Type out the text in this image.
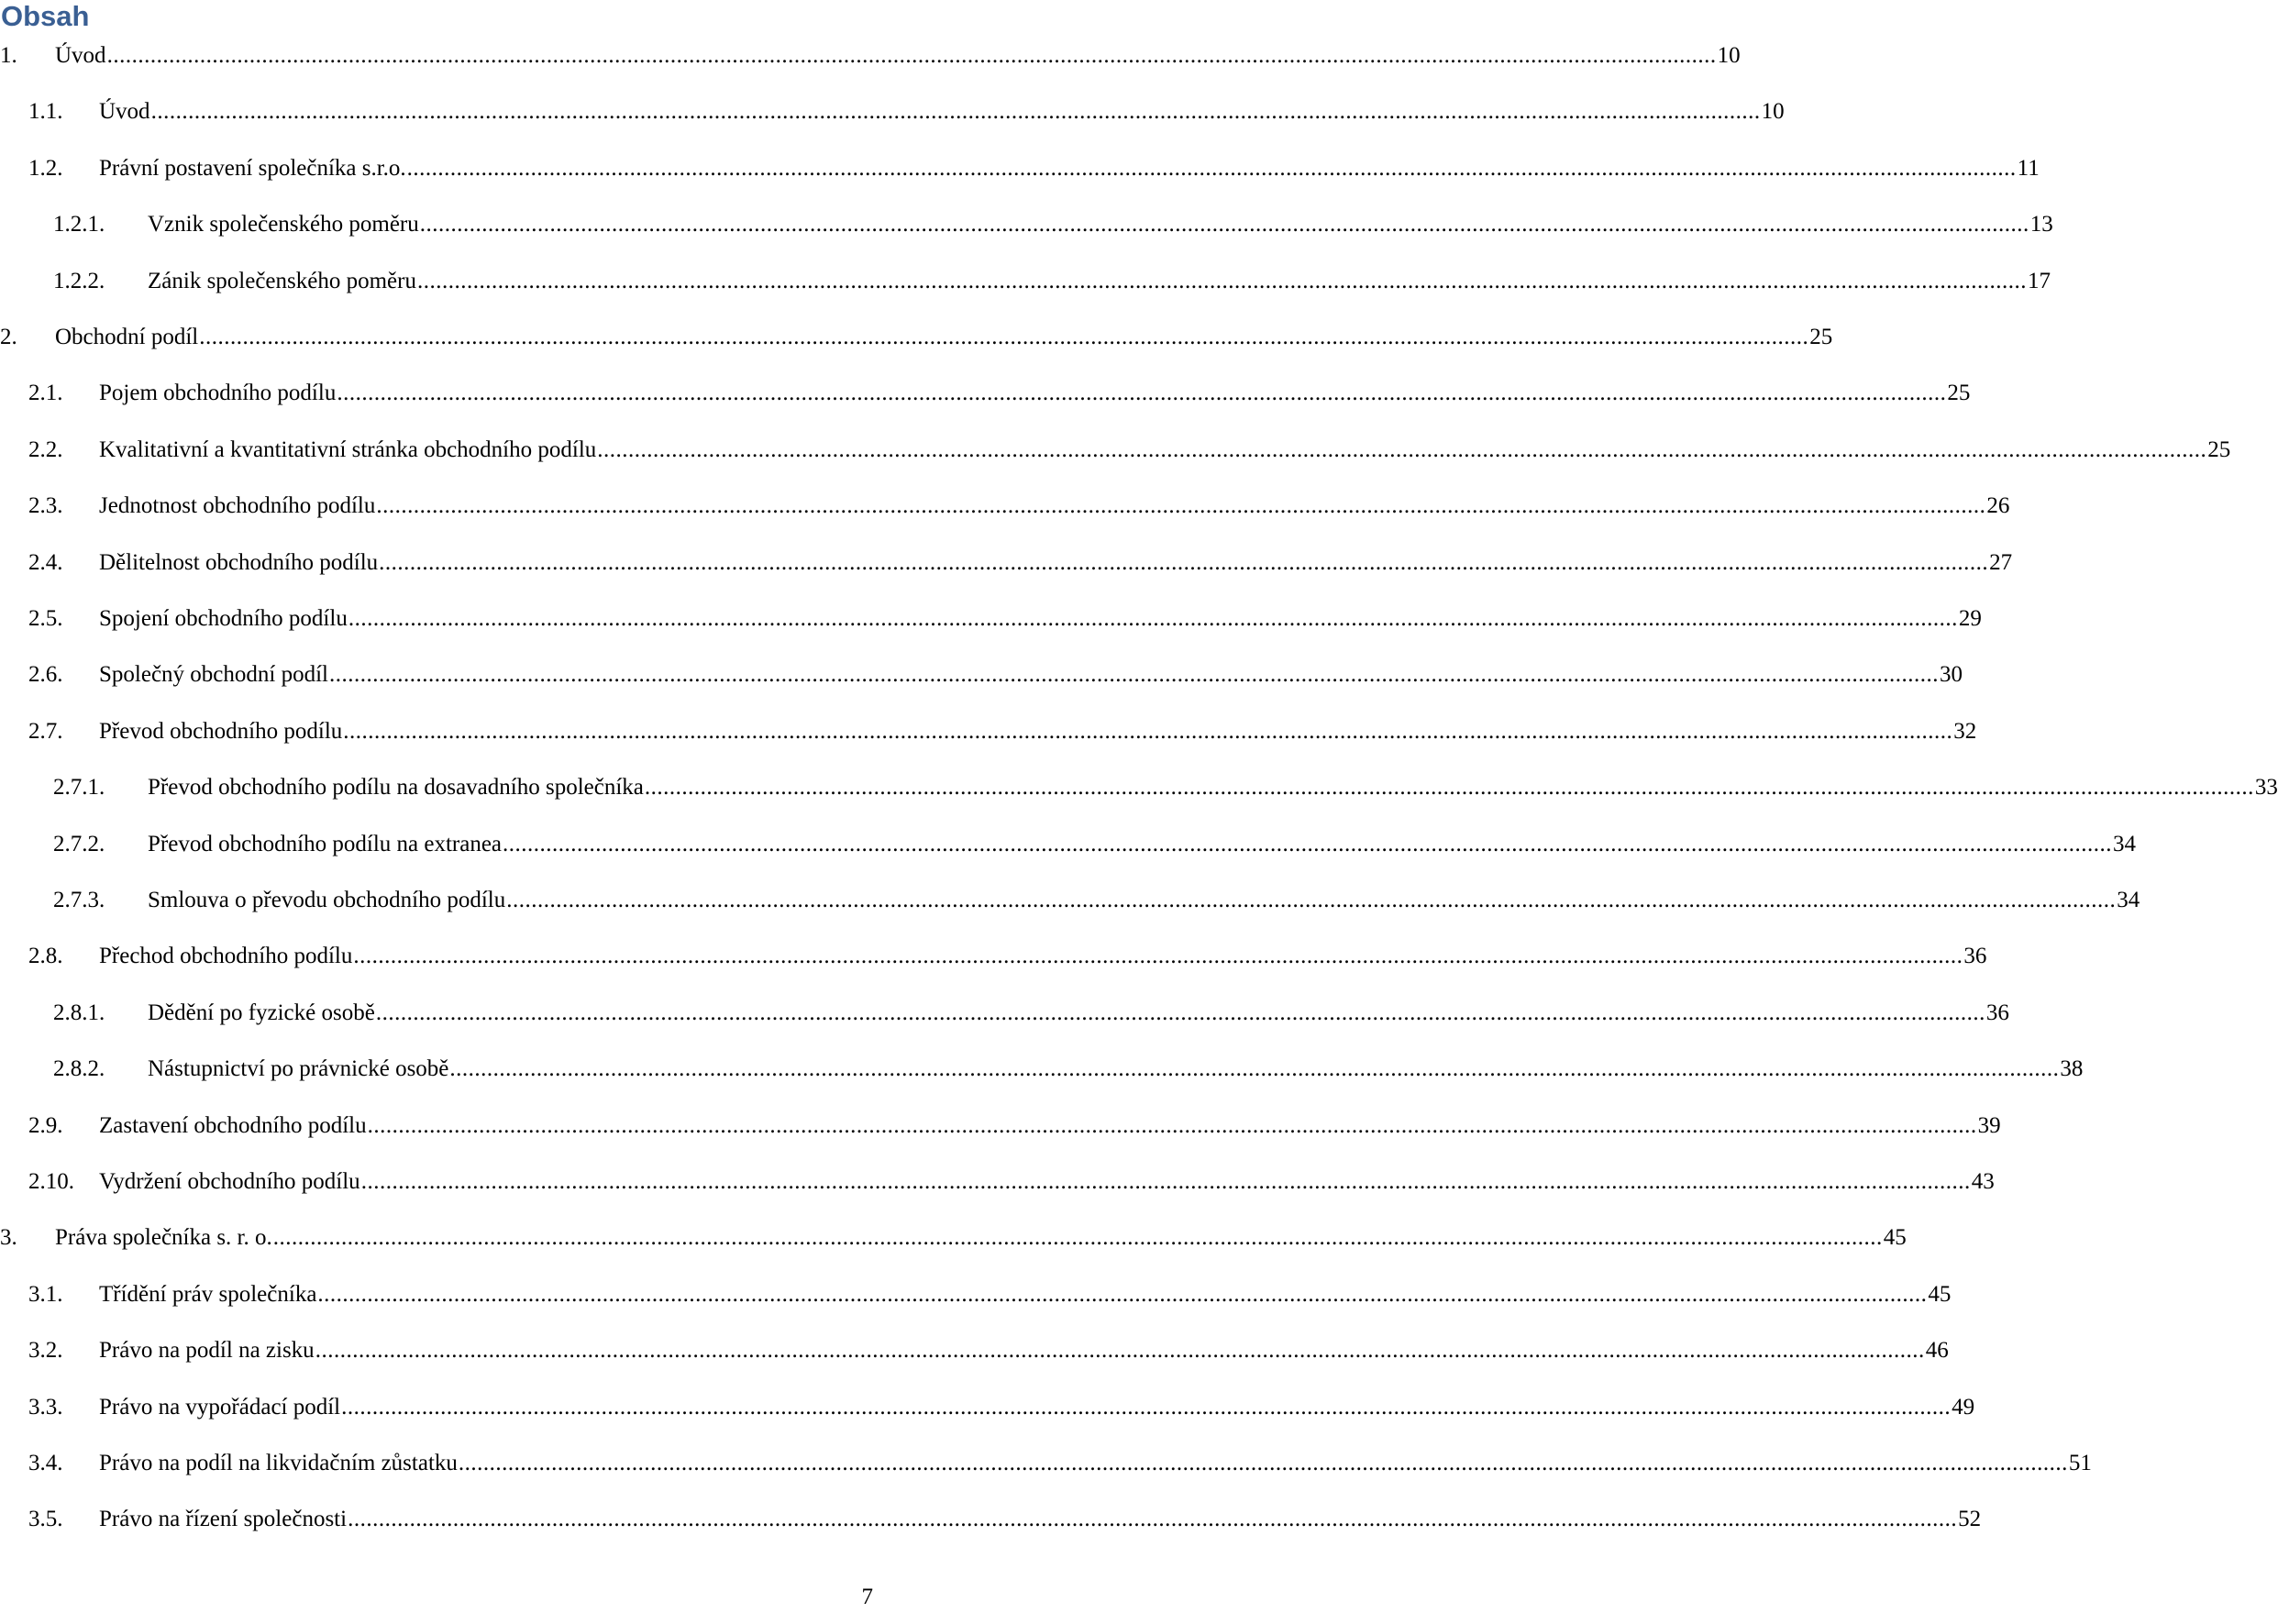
Obsah
1. Úvod .................................................................................................................................................................................................................................................................... 10
1.1. Úvod .................................................................................................................................................................................................................................................................... 10
1.2. Právní postavení společníka s.r.o. .................................................................................................................................................................................................................................................................... 11
1.2.1. Vznik společenského poměru .................................................................................................................................................................................................................................................................... 13
1.2.2. Zánik společenského poměru .................................................................................................................................................................................................................................................................... 17
2. Obchodní podíl .................................................................................................................................................................................................................................................................... 25
2.1. Pojem obchodního podílu .................................................................................................................................................................................................................................................................... 25
2.2. Kvalitativní a kvantitativní stránka obchodního podílu .................................................................................................................................................................................................................................................................... 25
2.3. Jednotnost obchodního podílu .................................................................................................................................................................................................................................................................... 26
2.4. Dělitelnost obchodního podílu .................................................................................................................................................................................................................................................................... 27
2.5. Spojení obchodního podílu .................................................................................................................................................................................................................................................................... 29
2.6. Společný obchodní podíl .................................................................................................................................................................................................................................................................... 30
2.7. Převod obchodního podílu .................................................................................................................................................................................................................................................................... 32
2.7.1. Převod obchodního podílu na dosavadního společníka .................................................................................................................................................................................................................................................................... 33
2.7.2. Převod obchodního podílu na extranea .................................................................................................................................................................................................................................................................... 34
2.7.3. Smlouva o převodu obchodního podílu .................................................................................................................................................................................................................................................................... 34
2.8. Přechod obchodního podílu .................................................................................................................................................................................................................................................................... 36
2.8.1. Dědění po fyzické osobě .................................................................................................................................................................................................................................................................... 36
2.8.2. Nástupnictví po právnické osobě .................................................................................................................................................................................................................................................................... 38
2.9. Zastavení obchodního podílu .................................................................................................................................................................................................................................................................... 39
2.10. Vydržení obchodního podílu .................................................................................................................................................................................................................................................................... 43
3. Práva společníka s. r. o. .................................................................................................................................................................................................................................................................... 45
3.1. Třídění práv společníka .................................................................................................................................................................................................................................................................... 45
3.2. Právo na podíl na zisku .................................................................................................................................................................................................................................................................... 46
3.3. Právo na vypořádací podíl .................................................................................................................................................................................................................................................................... 49
3.4. Právo na podíl na likvidačním zůstatku .................................................................................................................................................................................................................................................................... 51
3.5. Právo na řízení společnosti .................................................................................................................................................................................................................................................................... 52
7
